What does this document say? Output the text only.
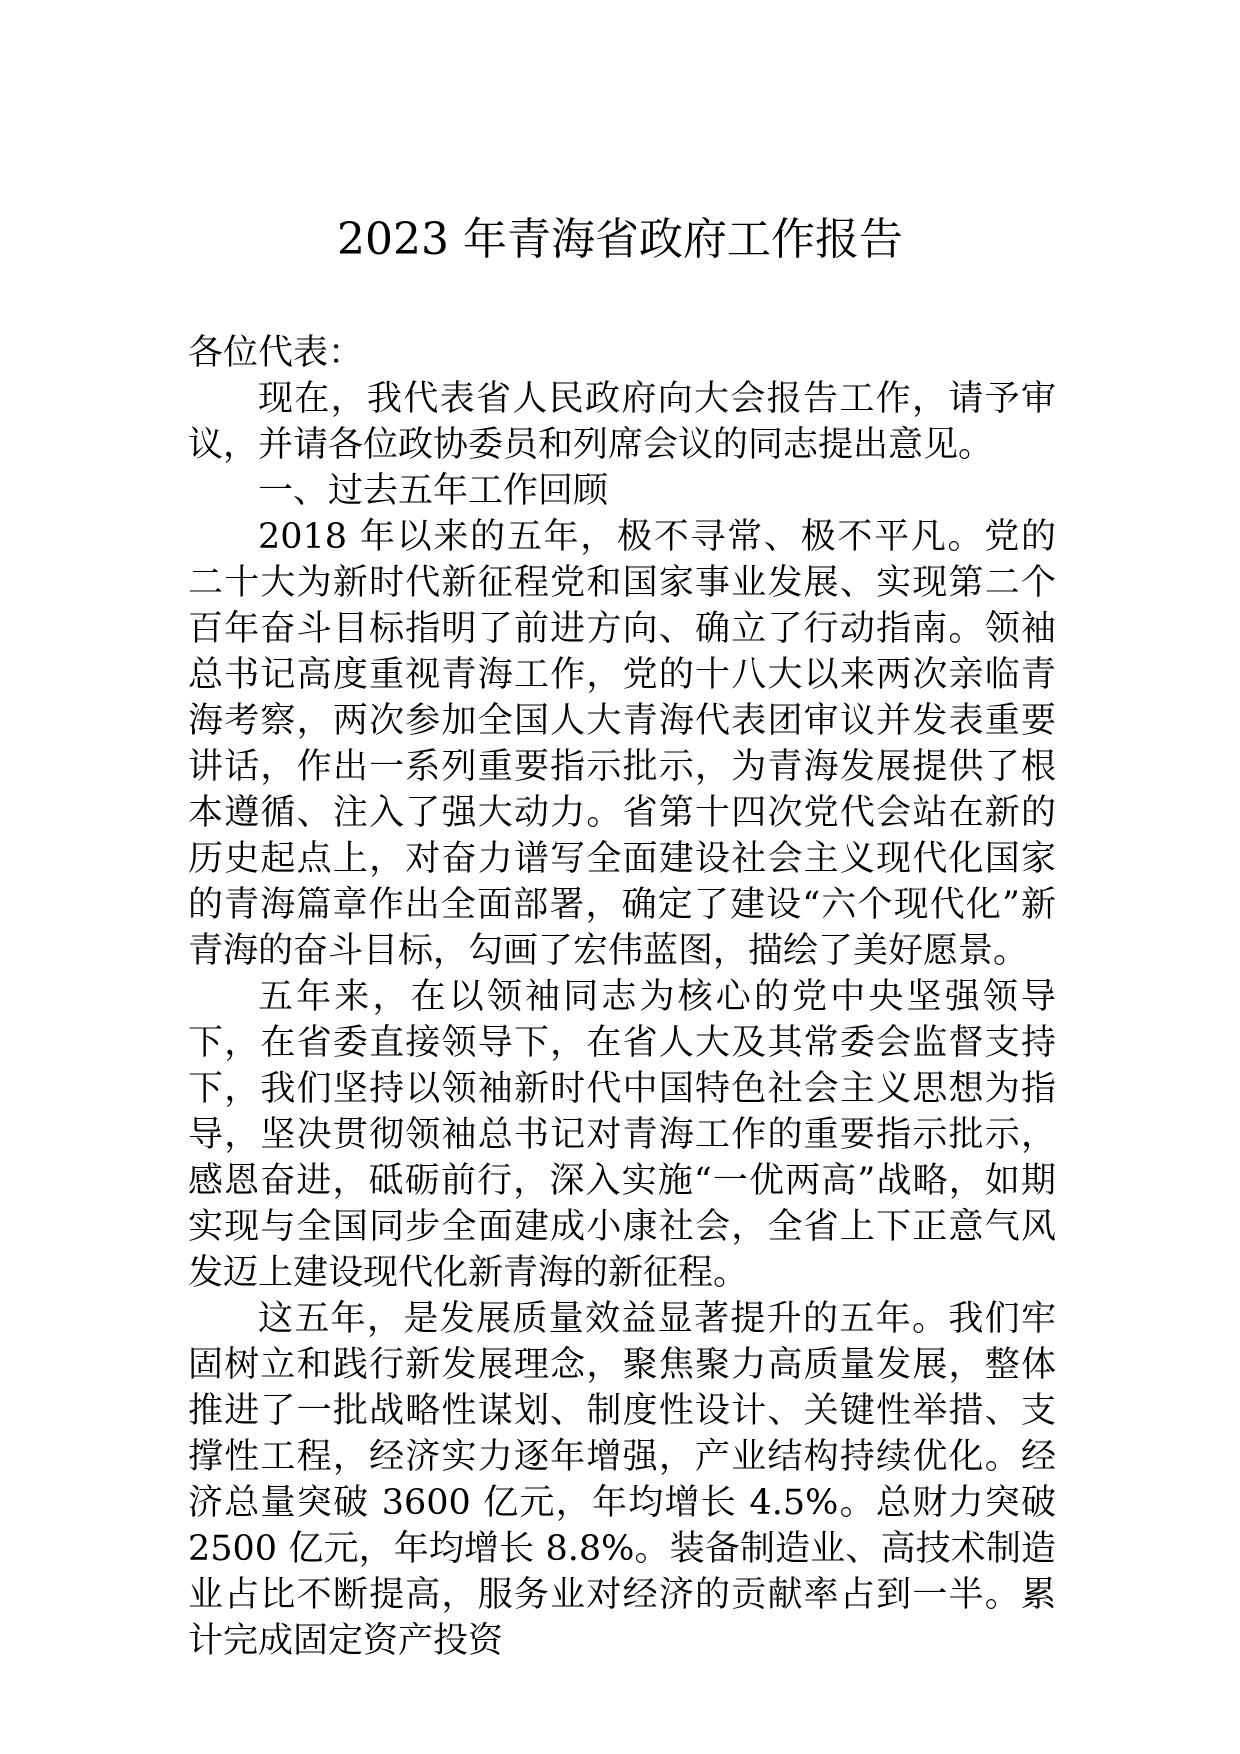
2023 年青海省政府工作报告

各位代表：

现在，我代表省人民政府向大会报告工作，请予审议，并请各位政协委员和列席会议的同志提出意见。

一、过去五年工作回顾

2018 年以来的五年，极不寻常、极不平凡。党的二十大为新时代新征程党和国家事业发展、实现第二个百年奋斗目标指明了前进方向、确立了行动指南。领袖总书记高度重视青海工作，党的十八大以来两次亲临青海考察，两次参加全国人大青海代表团审议并发表重要讲话，作出一系列重要指示批示，为青海发展提供了根本遵循、注入了强大动力。省第十四次党代会站在新的历史起点上，对奋力谱写全面建设社会主义现代化国家的青海篇章作出全面部署，确定了建设“六个现代化”新青海的奋斗目标，勾画了宏伟蓝图，描绘了美好愿景。

五年来，在以领袖同志为核心的党中央坚强领导下，在省委直接领导下，在省人大及其常委会监督支持下，我们坚持以领袖新时代中国特色社会主义思想为指导，坚决贯彻领袖总书记对青海工作的重要指示批示，感恩奋进，砥砺前行，深入实施“一优两高”战略，如期实现与全国同步全面建成小康社会，全省上下正意气风发迈上建设现代化新青海的新征程。

这五年，是发展质量效益显著提升的五年。我们牢固树立和践行新发展理念，聚焦聚力高质量发展，整体推进了一批战略性谋划、制度性设计、关键性举措、支撑性工程，经济实力逐年增强，产业结构持续优化。经济总量突破 3600 亿元，年均增长 4.5%。总财力突破 2500 亿元，年均增长 8.8%。装备制造业、高技术制造业占比不断提高，服务业对经济的贡献率占到一半。累计完成固定资产投资
